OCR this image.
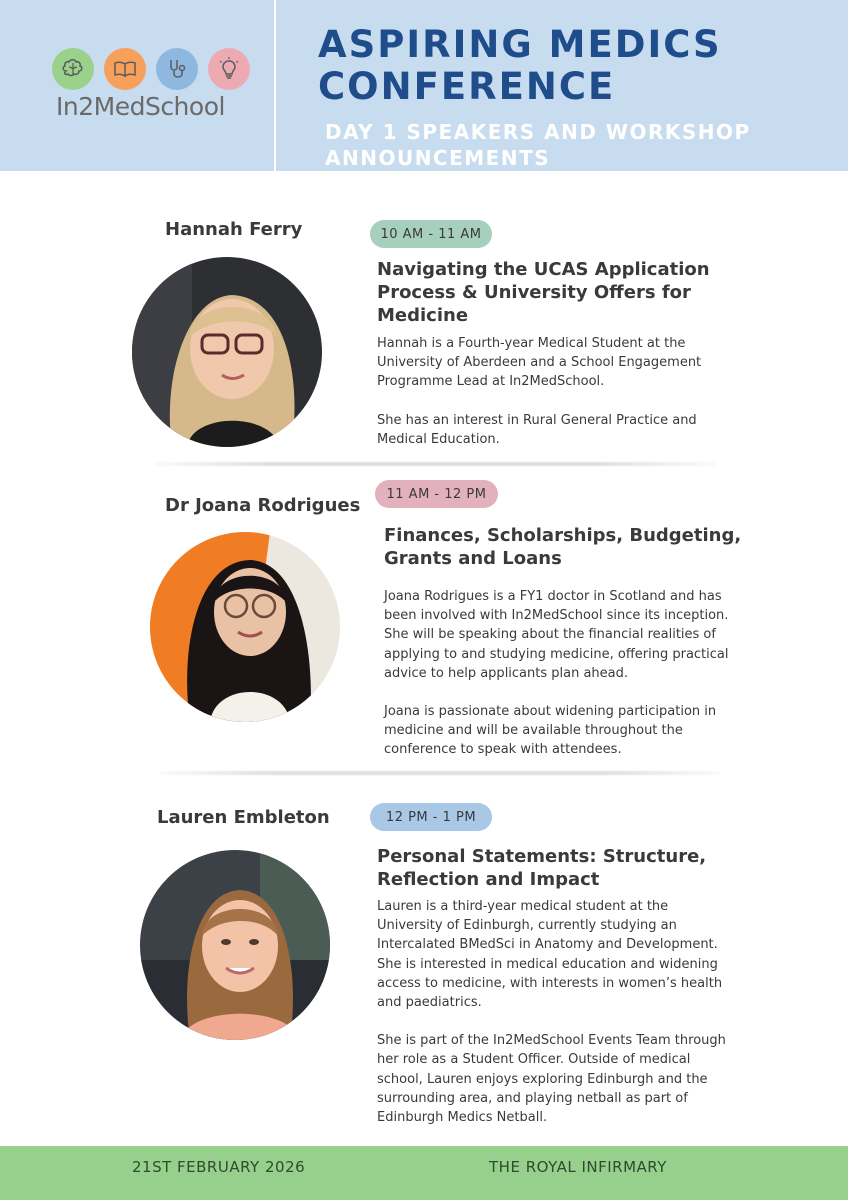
In2MedSchool
ASPIRING MEDICS
CONFERENCE
DAY 1 SPEAKERS AND WORKSHOP
ANNOUNCEMENTS
Hannah Ferry	10 AM - 11 AM
Navigating the UCAS Application
Process & University Offers for
Medicine

Hannah is a Fourth-year Medical Student at the University of Aberdeen and a School Engagement Programme Lead at In2MedSchool.

She has an interest in Rural General Practice and Medical Education.

Dr Joana Rodrigues
11 AM - 12 PM
Finances, Scholarships, Budgeting,
Grants and Loans

Joana Rodrigues is a FY1 doctor in Scotland and has been involved with In2MedSchool since its inception. She will be speaking about the financial realities of applying to and studying medicine, offering practical advice to help applicants plan ahead.

Joana is passionate about widening participation in medicine and will be available throughout the conference to speak with attendees.

Lauren Embleton	12 PM - 1 PM
Personal Statements: Structure,
Reflection and Impact

Lauren is a third-year medical student at the University of Edinburgh, currently studying an Intercalated BMedSci in Anatomy and Development. She is interested in medical education and widening access to medicine, with interests in women’s health and paediatrics.

She is part of the In2MedSchool Events Team through her role as a Student Officer. Outside of medical school, Lauren enjoys exploring Edinburgh and the surrounding area, and playing netball as part of Edinburgh Medics Netball.

21ST FEBRUARY 2026	THE ROYAL INFIRMARY
